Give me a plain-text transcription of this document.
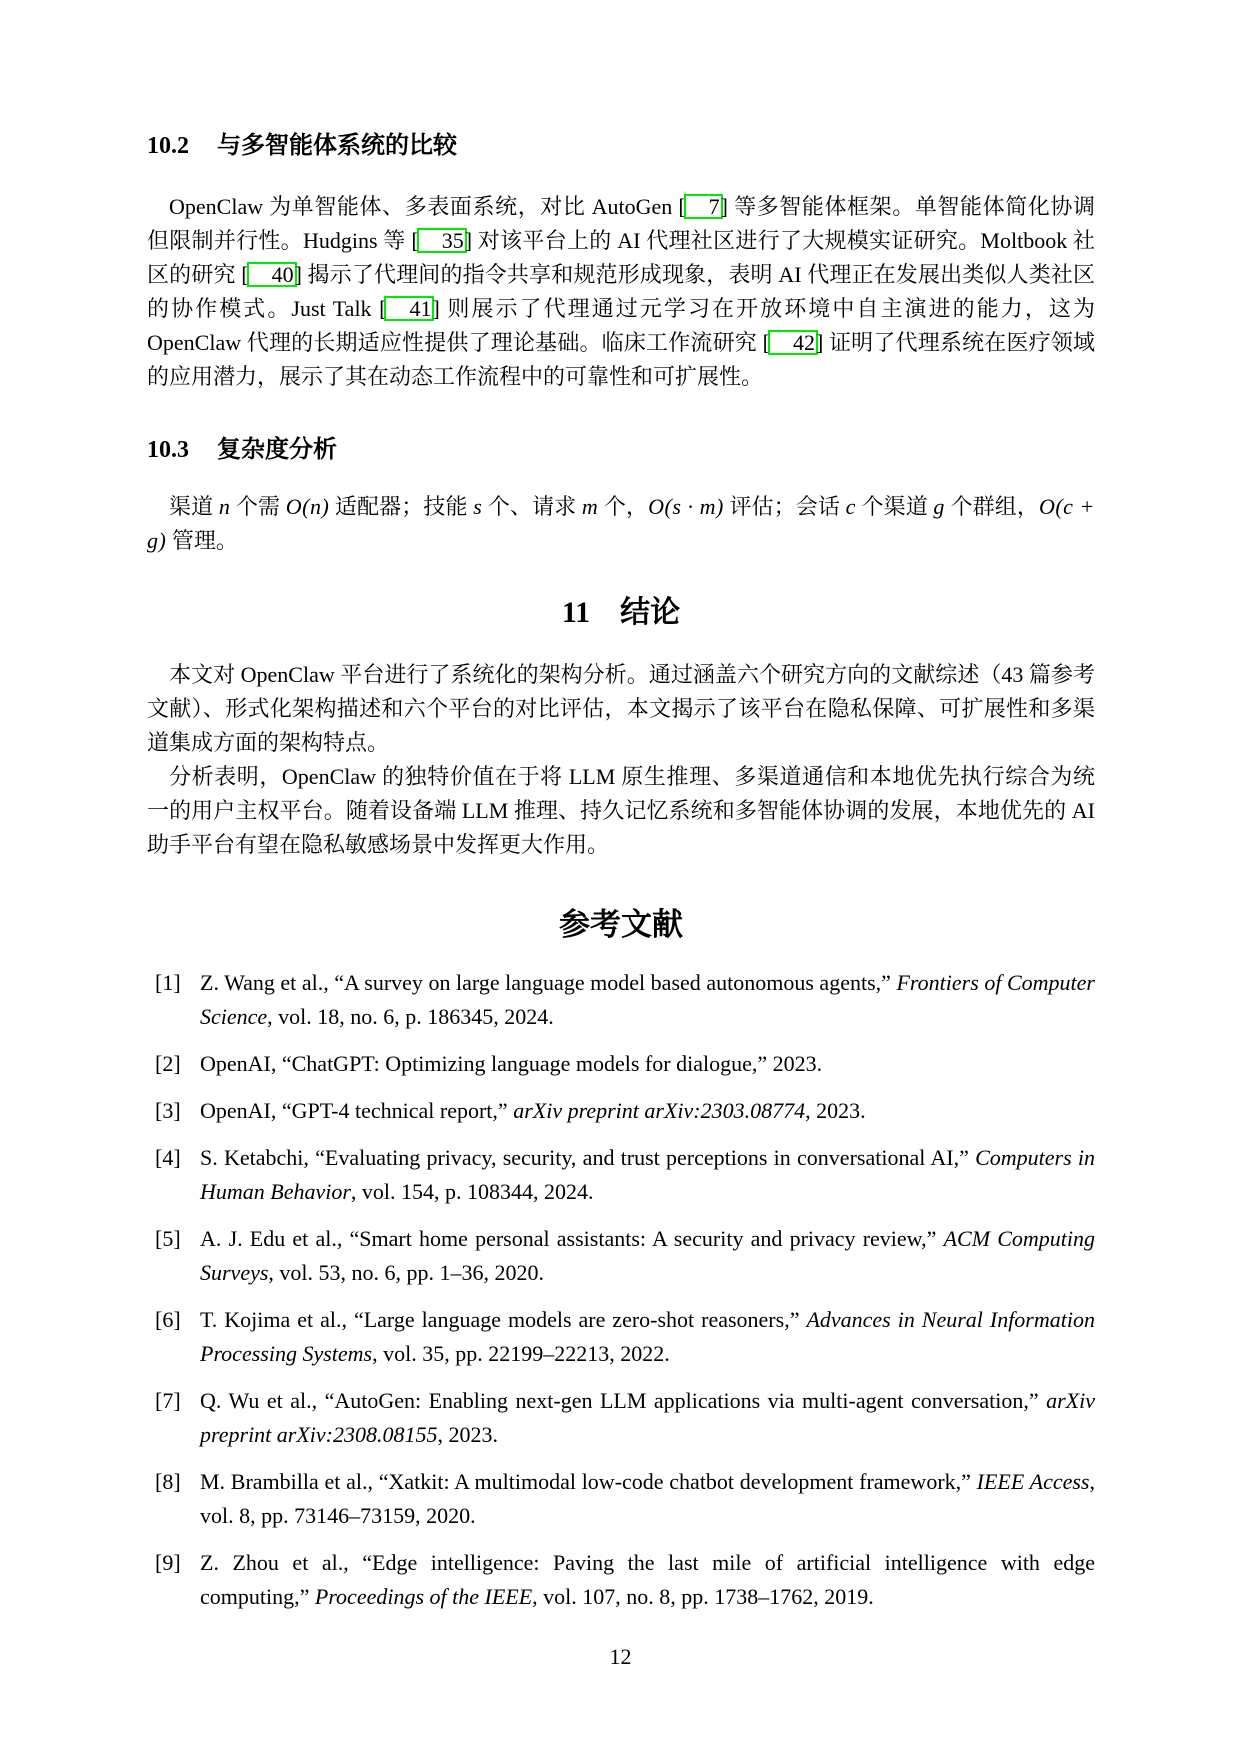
10.2 与多智能体系统的比较

OpenClaw 为单智能体、多表面系统，对比 AutoGen [ 7] 等多智能体框架。单智能体简化协调但限制并行性。Hudgins 等 [ 35] 对该平台上的 AI 代理社区进行了大规模实证研究。Moltbook 社区的研究 [ 40] 揭示了代理间的指令共享和规范形成现象，表明 AI 代理正在发展出类似人类社区的协作模式。Just Talk [ 41] 则展示了代理通过元学习在开放环境中自主演进的能力，这为 OpenClaw 代理的长期适应性提供了理论基础。临床工作流研究 [ 42] 证明了代理系统在医疗领域的应用潜力，展示了其在动态工作流程中的可靠性和可扩展性。

10.3 复杂度分析

渠道 n 个需 O(n) 适配器；技能 s 个、请求 m 个，O(s · m) 评估；会话 c 个渠道 g 个群组，O(c + g) 管理。

11 结论

本文对 OpenClaw 平台进行了系统化的架构分析。通过涵盖六个研究方向的文献综述（43 篇参考文献）、形式化架构描述和六个平台的对比评估，本文揭示了该平台在隐私保障、可扩展性和多渠道集成方面的架构特点。

分析表明，OpenClaw 的独特价值在于将 LLM 原生推理、多渠道通信和本地优先执行综合为统一的用户主权平台。随着设备端 LLM 推理、持久记忆系统和多智能体协调的发展，本地优先的 AI 助手平台有望在隐私敏感场景中发挥更大作用。

参考文献
[1] Z. Wang et al., “A survey on large language model based autonomous agents,” Frontiers of Computer Science, vol. 18, no. 6, p. 186345, 2024.
[2] OpenAI, “ChatGPT: Optimizing language models for dialogue,” 2023.
[3] OpenAI, “GPT-4 technical report,” arXiv preprint arXiv:2303.08774, 2023.
[4] S. Ketabchi, “Evaluating privacy, security, and trust perceptions in conversational AI,” Computers in Human Behavior, vol. 154, p. 108344, 2024.
[5] A. J. Edu et al., “Smart home personal assistants: A security and privacy review,” ACM Computing Surveys, vol. 53, no. 6, pp. 1–36, 2020.
[6] T. Kojima et al., “Large language models are zero-shot reasoners,” Advances in Neural Information Processing Systems, vol. 35, pp. 22199–22213, 2022.
[7] Q. Wu et al., “AutoGen: Enabling next-gen LLM applications via multi-agent conversation,” arXiv preprint arXiv:2308.08155, 2023.
[8] M. Brambilla et al., “Xatkit: A multimodal low-code chatbot development framework,” IEEE Access, vol. 8, pp. 73146–73159, 2020.
[9] Z. Zhou et al., “Edge intelligence: Paving the last mile of artificial intelligence with edge computing,” Proceedings of the IEEE, vol. 107, no. 8, pp. 1738–1762, 2019.
12
